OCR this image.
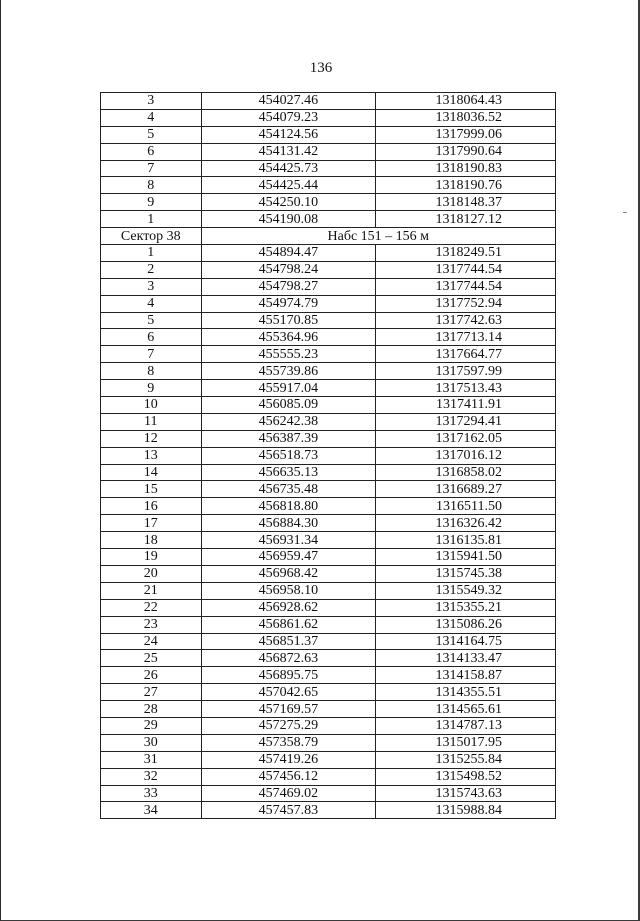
136
3	454027.46	1318064.43
4	454079.23	1318036.52
5	454124.56	1317999.06
6	454131.42	1317990.64
7	454425.73	1318190.83
8	454425.44	1318190.76
9	454250.10	1318148.37
1	454190.08	1318127.12
Сектор 38	Набс 151 – 156 м	
1	454894.47	1318249.51
2	454798.24	1317744.54
3	454798.27	1317744.54
4	454974.79	1317752.94
5	455170.85	1317742.63
6	455364.96	1317713.14
7	455555.23	1317664.77
8	455739.86	1317597.99
9	455917.04	1317513.43
10	456085.09	1317411.91
11	456242.38	1317294.41
12	456387.39	1317162.05
13	456518.73	1317016.12
14	456635.13	1316858.02
15	456735.48	1316689.27
16	456818.80	1316511.50
17	456884.30	1316326.42
18	456931.34	1316135.81
19	456959.47	1315941.50
20	456968.42	1315745.38
21	456958.10	1315549.32
22	456928.62	1315355.21
23	456861.62	1315086.26
24	456851.37	1314164.75
25	456872.63	1314133.47
26	456895.75	1314158.87
27	457042.65	1314355.51
28	457169.57	1314565.61
29	457275.29	1314787.13
30	457358.79	1315017.95
31	457419.26	1315255.84
32	457456.12	1315498.52
33	457469.02	1315743.63
34	457457.83	1315988.84
